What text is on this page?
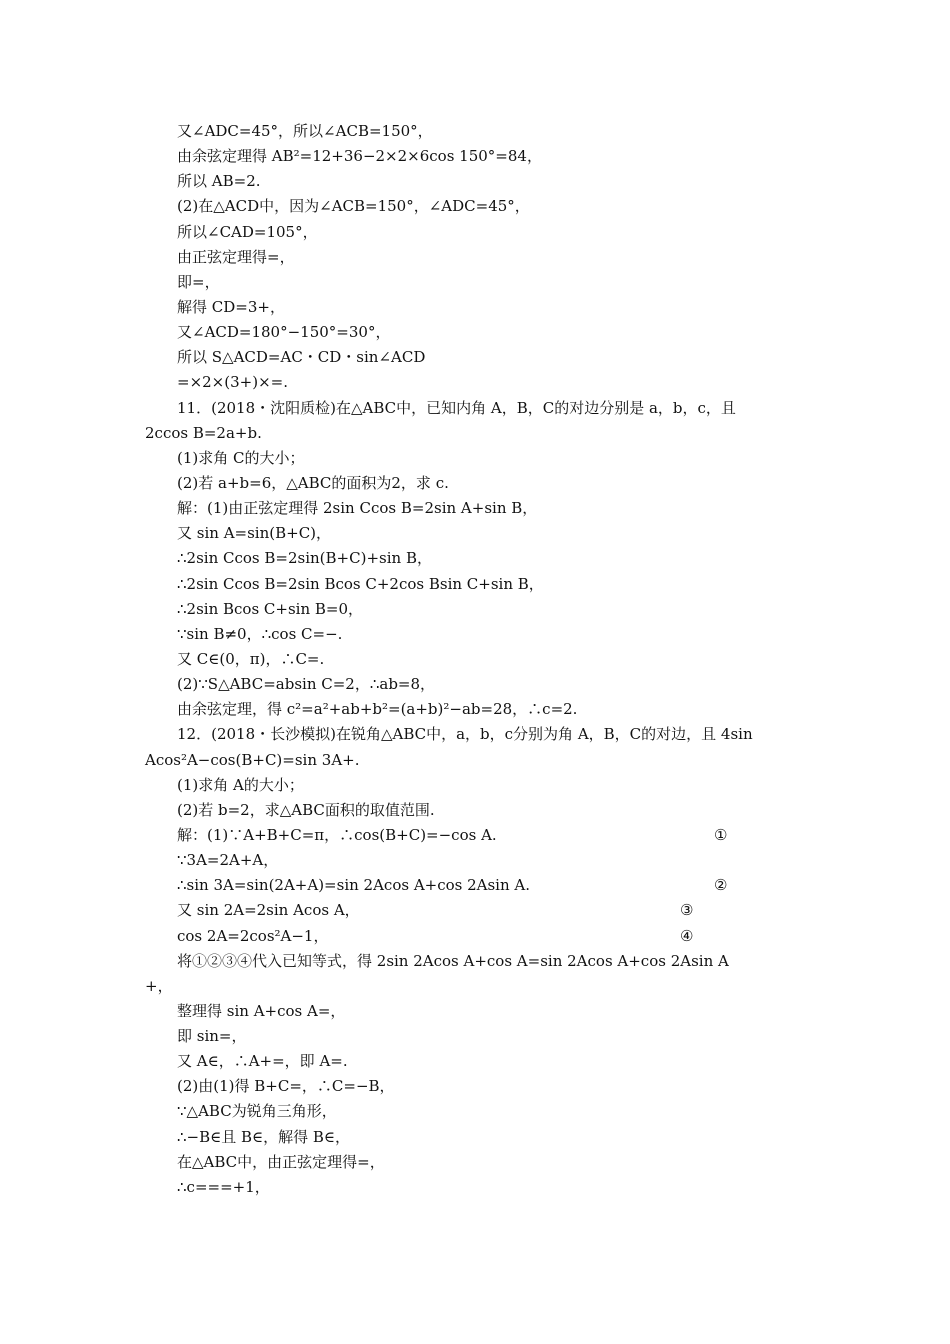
又∠ADC=45°，所以∠ACB=150°，
由余弦定理得 AB²=12+36−2×2×6cos 150°=84，
所以 AB=2.
(2)在△ACD中，因为∠ACB=150°，∠ADC=45°，
所以∠CAD=105°，
由正弦定理得=，
即=，
解得 CD=3+，
又∠ACD=180°−150°=30°，
所以 S△ACD=AC・CD・sin∠ACD
=×2×(3+)×=.
11．(2018・沈阳质检)在△ABC中，已知内角 A，B，C的对边分别是 a，b，c，且
2ccos B=2a+b.
(1)求角 C的大小；
(2)若 a+b=6，△ABC的面积为2，求 c.
解：(1)由正弦定理得 2sin Ccos B=2sin A+sin B，
又 sin A=sin(B+C)，
∴2sin Ccos B=2sin(B+C)+sin B，
∴2sin Ccos B=2sin Bcos C+2cos Bsin C+sin B，
∴2sin Bcos C+sin B=0，
∵sin B≠0，∴cos C=−.
又 C∈(0，π)，∴C=.
(2)∵S△ABC=absin C=2，∴ab=8，
由余弦定理，得 c²=a²+ab+b²=(a+b)²−ab=28，∴c=2.
12．(2018・长沙模拟)在锐角△ABC中，a，b，c分别为角 A，B，C的对边，且 4sin
Acos²A−cos(B+C)=sin 3A+.
(1)求角 A的大小；
(2)若 b=2，求△ABC面积的取值范围.
解：(1)∵A+B+C=π，∴cos(B+C)=−cos A.	①
∵3A=2A+A，
∴sin 3A=sin(2A+A)=sin 2Acos A+cos 2Asin A.	②
又 sin 2A=2sin Acos A，	③
cos 2A=2cos²A−1，	④
将①②③④代入已知等式，得 2sin 2Acos A+cos A=sin 2Acos A+cos 2Asin A
+，
整理得 sin A+cos A=，
即 sin=，
又 A∈，∴A+=，即 A=.
(2)由(1)得 B+C=，∴C=−B，
∵△ABC为锐角三角形，
∴−B∈且 B∈，解得 B∈，
在△ABC中，由正弦定理得=，
∴c===+1，
